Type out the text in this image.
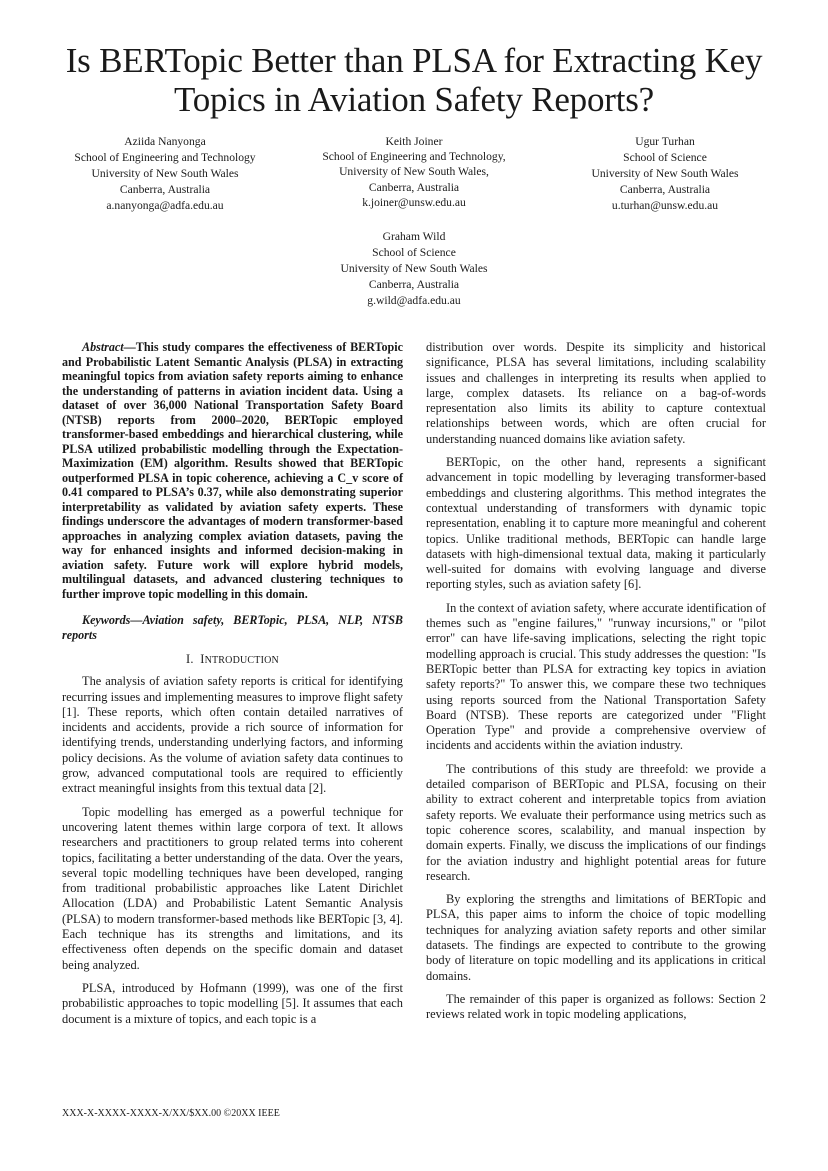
Is BERTopic Better than PLSA for Extracting Key Topics in Aviation Safety Reports?
Aziida Nanyonga
School of Engineering and Technology
University of New South Wales
Canberra, Australia
a.nanyonga@adfa.edu.au
Keith Joiner
School of Engineering and Technology,
University of New South Wales,
Canberra, Australia
k.joiner@unsw.edu.au
Ugur Turhan
School of Science
University of New South Wales
Canberra, Australia
u.turhan@unsw.edu.au
Graham Wild
School of Science
University of New South Wales
Canberra, Australia
g.wild@adfa.edu.au

Abstract—This study compares the effectiveness of BERTopic and Probabilistic Latent Semantic Analysis (PLSA) in extracting meaningful topics from aviation safety reports aiming to enhance the understanding of patterns in aviation incident data. Using a dataset of over 36,000 National Transportation Safety Board (NTSB) reports from 2000–2020, BERTopic employed transformer-based embeddings and hierarchical clustering, while PLSA utilized probabilistic modelling through the Expectation-Maximization (EM) algorithm. Results showed that BERTopic outperformed PLSA in topic coherence, achieving a C_v score of 0.41 compared to PLSA’s 0.37, while also demonstrating superior interpretability as validated by aviation safety experts. These findings underscore the advantages of modern transformer-based approaches in analyzing complex aviation datasets, paving the way for enhanced insights and informed decision-making in aviation safety. Future work will explore hybrid models, multilingual datasets, and advanced clustering techniques to further improve topic modelling in this domain.

Keywords—Aviation safety, BERTopic, PLSA, NLP, NTSB reports

I. INTRODUCTION

The analysis of aviation safety reports is critical for identifying recurring issues and implementing measures to improve flight safety [1]. These reports, which often contain detailed narratives of incidents and accidents, provide a rich source of information for identifying trends, understanding underlying factors, and informing policy decisions. As the volume of aviation safety data continues to grow, advanced computational tools are required to efficiently extract meaningful insights from this textual data [2].

Topic modelling has emerged as a powerful technique for uncovering latent themes within large corpora of text. It allows researchers and practitioners to group related terms into coherent topics, facilitating a better understanding of the data. Over the years, several topic modelling techniques have been developed, ranging from traditional probabilistic approaches like Latent Dirichlet Allocation (LDA) and Probabilistic Latent Semantic Analysis (PLSA) to modern transformer-based methods like BERTopic [3, 4]. Each technique has its strengths and limitations, and its effectiveness often depends on the specific domain and dataset being analyzed.

PLSA, introduced by Hofmann (1999), was one of the first probabilistic approaches to topic modelling [5]. It assumes that each document is a mixture of topics, and each topic is a

distribution over words. Despite its simplicity and historical significance, PLSA has several limitations, including scalability issues and challenges in interpreting its results when applied to large, complex datasets. Its reliance on a bag-of-words representation also limits its ability to capture contextual relationships between words, which are often crucial for understanding nuanced domains like aviation safety.

BERTopic, on the other hand, represents a significant advancement in topic modelling by leveraging transformer-based embeddings and clustering algorithms. This method integrates the contextual understanding of transformers with dynamic topic representation, enabling it to capture more meaningful and coherent topics. Unlike traditional methods, BERTopic can handle large datasets with high-dimensional textual data, making it particularly well-suited for domains with evolving language and diverse reporting styles, such as aviation safety [6].

In the context of aviation safety, where accurate identification of themes such as "engine failures," "runway incursions," or "pilot error" can have life-saving implications, selecting the right topic modelling approach is crucial. This study addresses the question: "Is BERTopic better than PLSA for extracting key topics in aviation safety reports?" To answer this, we compare these two techniques using reports sourced from the National Transportation Safety Board (NTSB). These reports are categorized under "Flight Operation Type" and provide a comprehensive overview of incidents and accidents within the aviation industry.

The contributions of this study are threefold: we provide a detailed comparison of BERTopic and PLSA, focusing on their ability to extract coherent and interpretable topics from aviation safety reports. We evaluate their performance using metrics such as topic coherence scores, scalability, and manual inspection by domain experts. Finally, we discuss the implications of our findings for the aviation industry and highlight potential areas for future research.

By exploring the strengths and limitations of BERTopic and PLSA, this paper aims to inform the choice of topic modelling techniques for analyzing aviation safety reports and other similar datasets. The findings are expected to contribute to the growing body of literature on topic modelling and its applications in critical domains.

The remainder of this paper is organized as follows: Section 2 reviews related work in topic modeling applications,

XXX-X-XXXX-XXXX-X/XX/$XX.00 ©20XX IEEE
